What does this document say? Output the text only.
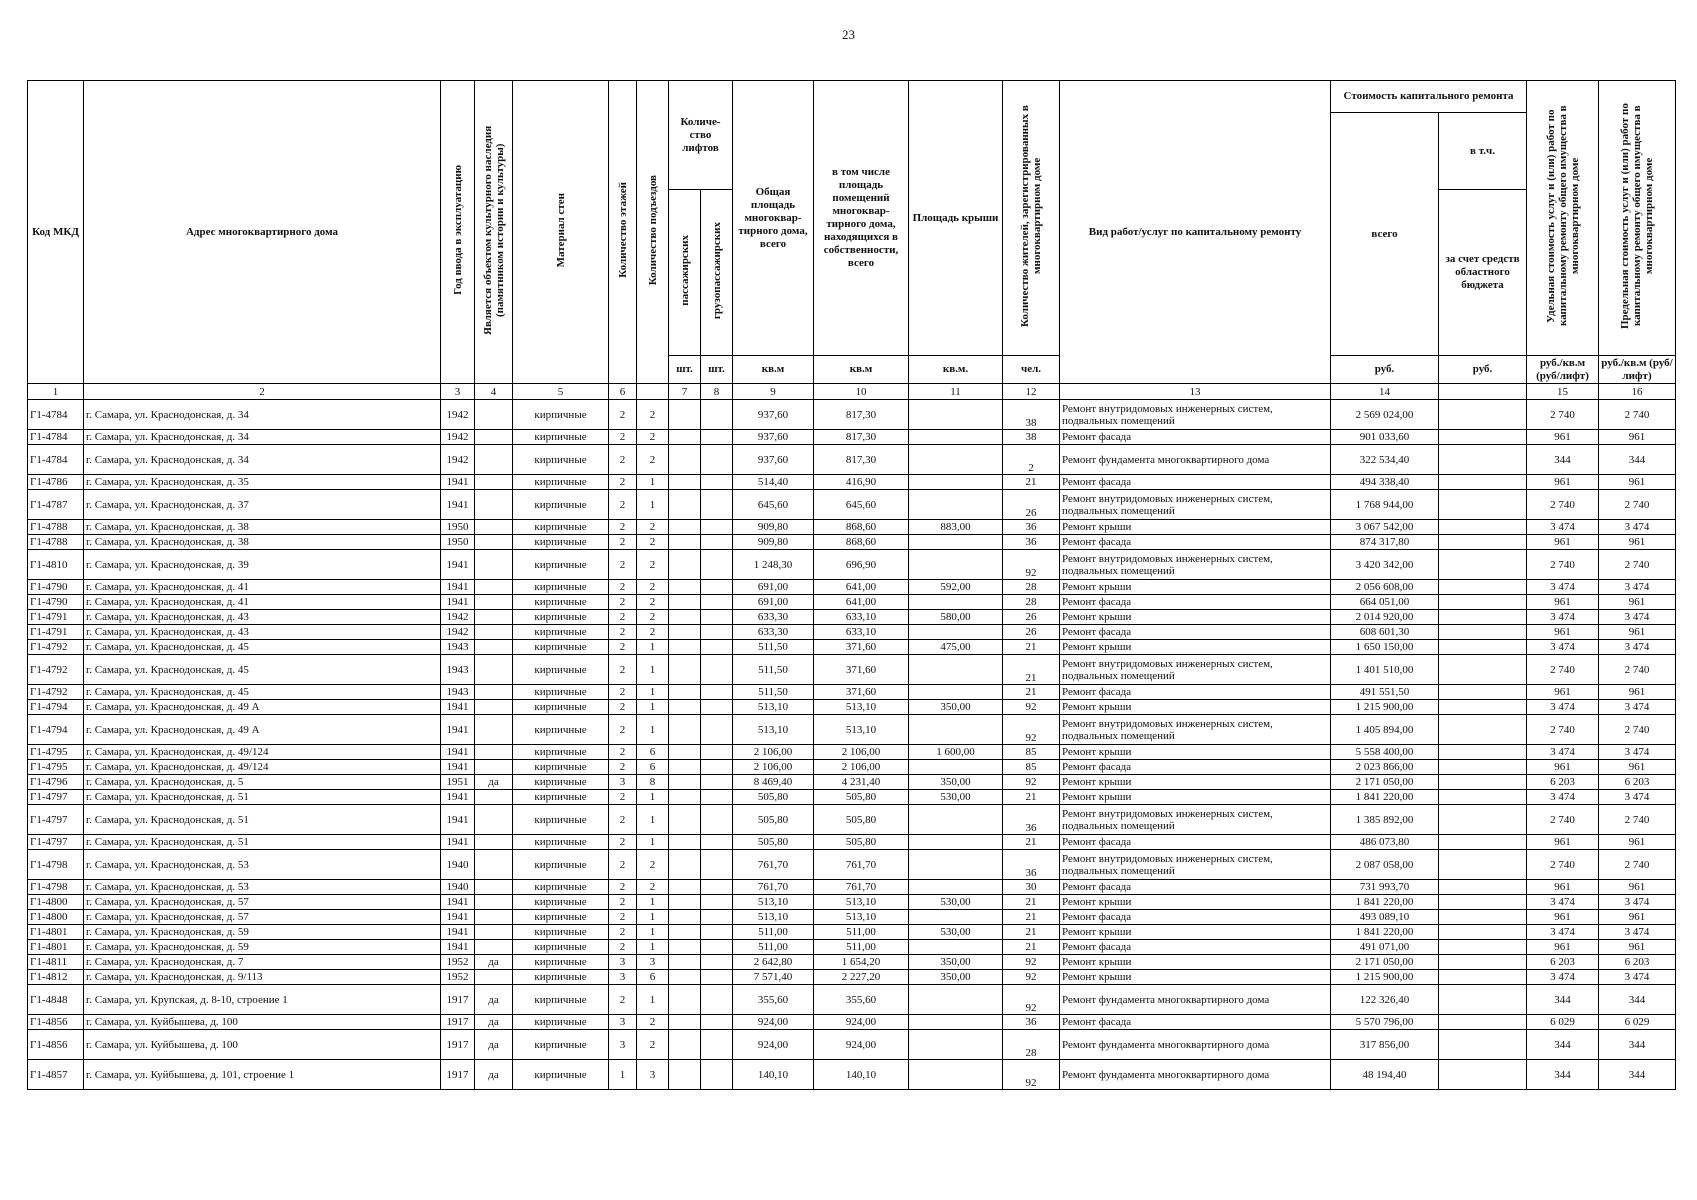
23
Код МКД	Адрес многоквартирного дома	Год ввода в эксплуатацию	Является объектом культурного наследия (памятником истории и культуры)	Материал стен	Количество этажей	Количество подъездов	Количе-ство лифтов		Общая площадь многоквар-тирного дома, всего	в том числе площадь помещений многоквар-тирного дома, находящихся в собственности, всего	Площадь крыши	Количество жителей, зарегистрированных в многоквартирном доме	Вид работ/услуг по капитальному ремонту	Стоимость капитального ремонта		Удельная стоимость услуг и (или) работ по капитальному ремонту общего имущества в многоквартирном доме	Предельная стоимость услуг и (или) работ по капитальному ремонту общего имущества в многоквартирном доме
														всего	в т.ч.		
							пассажирских	грузопассажирских							за счет средств областного бюджета		
							шт.	шт.	кв.м	кв.м	кв.м.	чел.		руб.	руб.	руб./кв.м (руб/лифт)	руб./кв.м (руб/лифт)
1	2	3	4	5	6		7	8	9	10	11	12	13	14		15	16
Г1-4784	г. Самара, ул. Краснодонская, д. 34	1942		кирпичные	2	2			937,60	817,30		38	Ремонт внутридомовых инженерных систем, подвальных помещений	2 569 024,00		2 740	2 740
Г1-4784	г. Самара, ул. Краснодонская, д. 34	1942		кирпичные	2	2			937,60	817,30		38	Ремонт фасада	901 033,60		961	961
Г1-4784	г. Самара, ул. Краснодонская, д. 34	1942		кирпичные	2	2			937,60	817,30		2	Ремонт фундамента многоквартирного дома	322 534,40		344	344
Г1-4786	г. Самара, ул. Краснодонская, д. 35	1941		кирпичные	2	1			514,40	416,90		21	Ремонт фасада	494 338,40		961	961
Г1-4787	г. Самара, ул. Краснодонская, д. 37	1941		кирпичные	2	1			645,60	645,60		26	Ремонт внутридомовых инженерных систем, подвальных помещений	1 768 944,00		2 740	2 740
Г1-4788	г. Самара, ул. Краснодонская, д. 38	1950		кирпичные	2	2			909,80	868,60	883,00	36	Ремонт крыши	3 067 542,00		3 474	3 474
Г1-4788	г. Самара, ул. Краснодонская, д. 38	1950		кирпичные	2	2			909,80	868,60		36	Ремонт фасада	874 317,80		961	961
Г1-4810	г. Самара, ул. Краснодонская, д. 39	1941		кирпичные	2	2			1 248,30	696,90		92	Ремонт внутридомовых инженерных систем, подвальных помещений	3 420 342,00		2 740	2 740
Г1-4790	г. Самара, ул. Краснодонская, д. 41	1941		кирпичные	2	2			691,00	641,00	592,00	28	Ремонт крыши	2 056 608,00		3 474	3 474
Г1-4790	г. Самара, ул. Краснодонская, д. 41	1941		кирпичные	2	2			691,00	641,00		28	Ремонт фасада	664 051,00		961	961
Г1-4791	г. Самара, ул. Краснодонская, д. 43	1942		кирпичные	2	2			633,30	633,10	580,00	26	Ремонт крыши	2 014 920,00		3 474	3 474
Г1-4791	г. Самара, ул. Краснодонская, д. 43	1942		кирпичные	2	2			633,30	633,10		26	Ремонт фасада	608 601,30		961	961
Г1-4792	г. Самара, ул. Краснодонская, д. 45	1943		кирпичные	2	1			511,50	371,60	475,00	21	Ремонт крыши	1 650 150,00		3 474	3 474
Г1-4792	г. Самара, ул. Краснодонская, д. 45	1943		кирпичные	2	1			511,50	371,60		21	Ремонт внутридомовых инженерных систем, подвальных помещений	1 401 510,00		2 740	2 740
Г1-4792	г. Самара, ул. Краснодонская, д. 45	1943		кирпичные	2	1			511,50	371,60		21	Ремонт фасада	491 551,50		961	961
Г1-4794	г. Самара, ул. Краснодонская, д. 49 А	1941		кирпичные	2	1			513,10	513,10	350,00	92	Ремонт крыши	1 215 900,00		3 474	3 474
Г1-4794	г. Самара, ул. Краснодонская, д. 49 А	1941		кирпичные	2	1			513,10	513,10		92	Ремонт внутридомовых инженерных систем, подвальных помещений	1 405 894,00		2 740	2 740
Г1-4795	г. Самара, ул. Краснодонская, д. 49/124	1941		кирпичные	2	6			2 106,00	2 106,00	1 600,00	85	Ремонт крыши	5 558 400,00		3 474	3 474
Г1-4795	г. Самара, ул. Краснодонская, д. 49/124	1941		кирпичные	2	6			2 106,00	2 106,00		85	Ремонт фасада	2 023 866,00		961	961
Г1-4796	г. Самара, ул. Краснодонская, д. 5	1951	да	кирпичные	3	8			8 469,40	4 231,40	350,00	92	Ремонт крыши	2 171 050,00		6 203	6 203
Г1-4797	г. Самара, ул. Краснодонская, д. 51	1941		кирпичные	2	1			505,80	505,80	530,00	21	Ремонт крыши	1 841 220,00		3 474	3 474
Г1-4797	г. Самара, ул. Краснодонская, д. 51	1941		кирпичные	2	1			505,80	505,80		36	Ремонт внутридомовых инженерных систем, подвальных помещений	1 385 892,00		2 740	2 740
Г1-4797	г. Самара, ул. Краснодонская, д. 51	1941		кирпичные	2	1			505,80	505,80		21	Ремонт фасада	486 073,80		961	961
Г1-4798	г. Самара, ул. Краснодонская, д. 53	1940		кирпичные	2	2			761,70	761,70		36	Ремонт внутридомовых инженерных систем, подвальных помещений	2 087 058,00		2 740	2 740
Г1-4798	г. Самара, ул. Краснодонская, д. 53	1940		кирпичные	2	2			761,70	761,70		30	Ремонт фасада	731 993,70		961	961
Г1-4800	г. Самара, ул. Краснодонская, д. 57	1941		кирпичные	2	1			513,10	513,10	530,00	21	Ремонт крыши	1 841 220,00		3 474	3 474
Г1-4800	г. Самара, ул. Краснодонская, д. 57	1941		кирпичные	2	1			513,10	513,10		21	Ремонт фасада	493 089,10		961	961
Г1-4801	г. Самара, ул. Краснодонская, д. 59	1941		кирпичные	2	1			511,00	511,00	530,00	21	Ремонт крыши	1 841 220,00		3 474	3 474
Г1-4801	г. Самара, ул. Краснодонская, д. 59	1941		кирпичные	2	1			511,00	511,00		21	Ремонт фасада	491 071,00		961	961
Г1-4811	г. Самара, ул. Краснодонская, д. 7	1952	да	кирпичные	3	3			2 642,80	1 654,20	350,00	92	Ремонт крыши	2 171 050,00		6 203	6 203
Г1-4812	г. Самара, ул. Краснодонская, д. 9/113	1952		кирпичные	3	6			7 571,40	2 227,20	350,00	92	Ремонт крыши	1 215 900,00		3 474	3 474
Г1-4848	г. Самара, ул. Крупская, д. 8-10, строение 1	1917	да	кирпичные	2	1			355,60	355,60		92	Ремонт фундамента многоквартирного дома	122 326,40		344	344
Г1-4856	г. Самара, ул. Куйбышева, д. 100	1917	да	кирпичные	3	2			924,00	924,00		36	Ремонт фасада	5 570 796,00		6 029	6 029
Г1-4856	г. Самара, ул. Куйбышева, д. 100	1917	да	кирпичные	3	2			924,00	924,00		28	Ремонт фундамента многоквартирного дома	317 856,00		344	344
Г1-4857	г. Самара, ул. Куйбышева, д. 101, строение 1	1917	да	кирпичные	1	3			140,10	140,10		92	Ремонт фундамента многоквартирного дома	48 194,40		344	344
